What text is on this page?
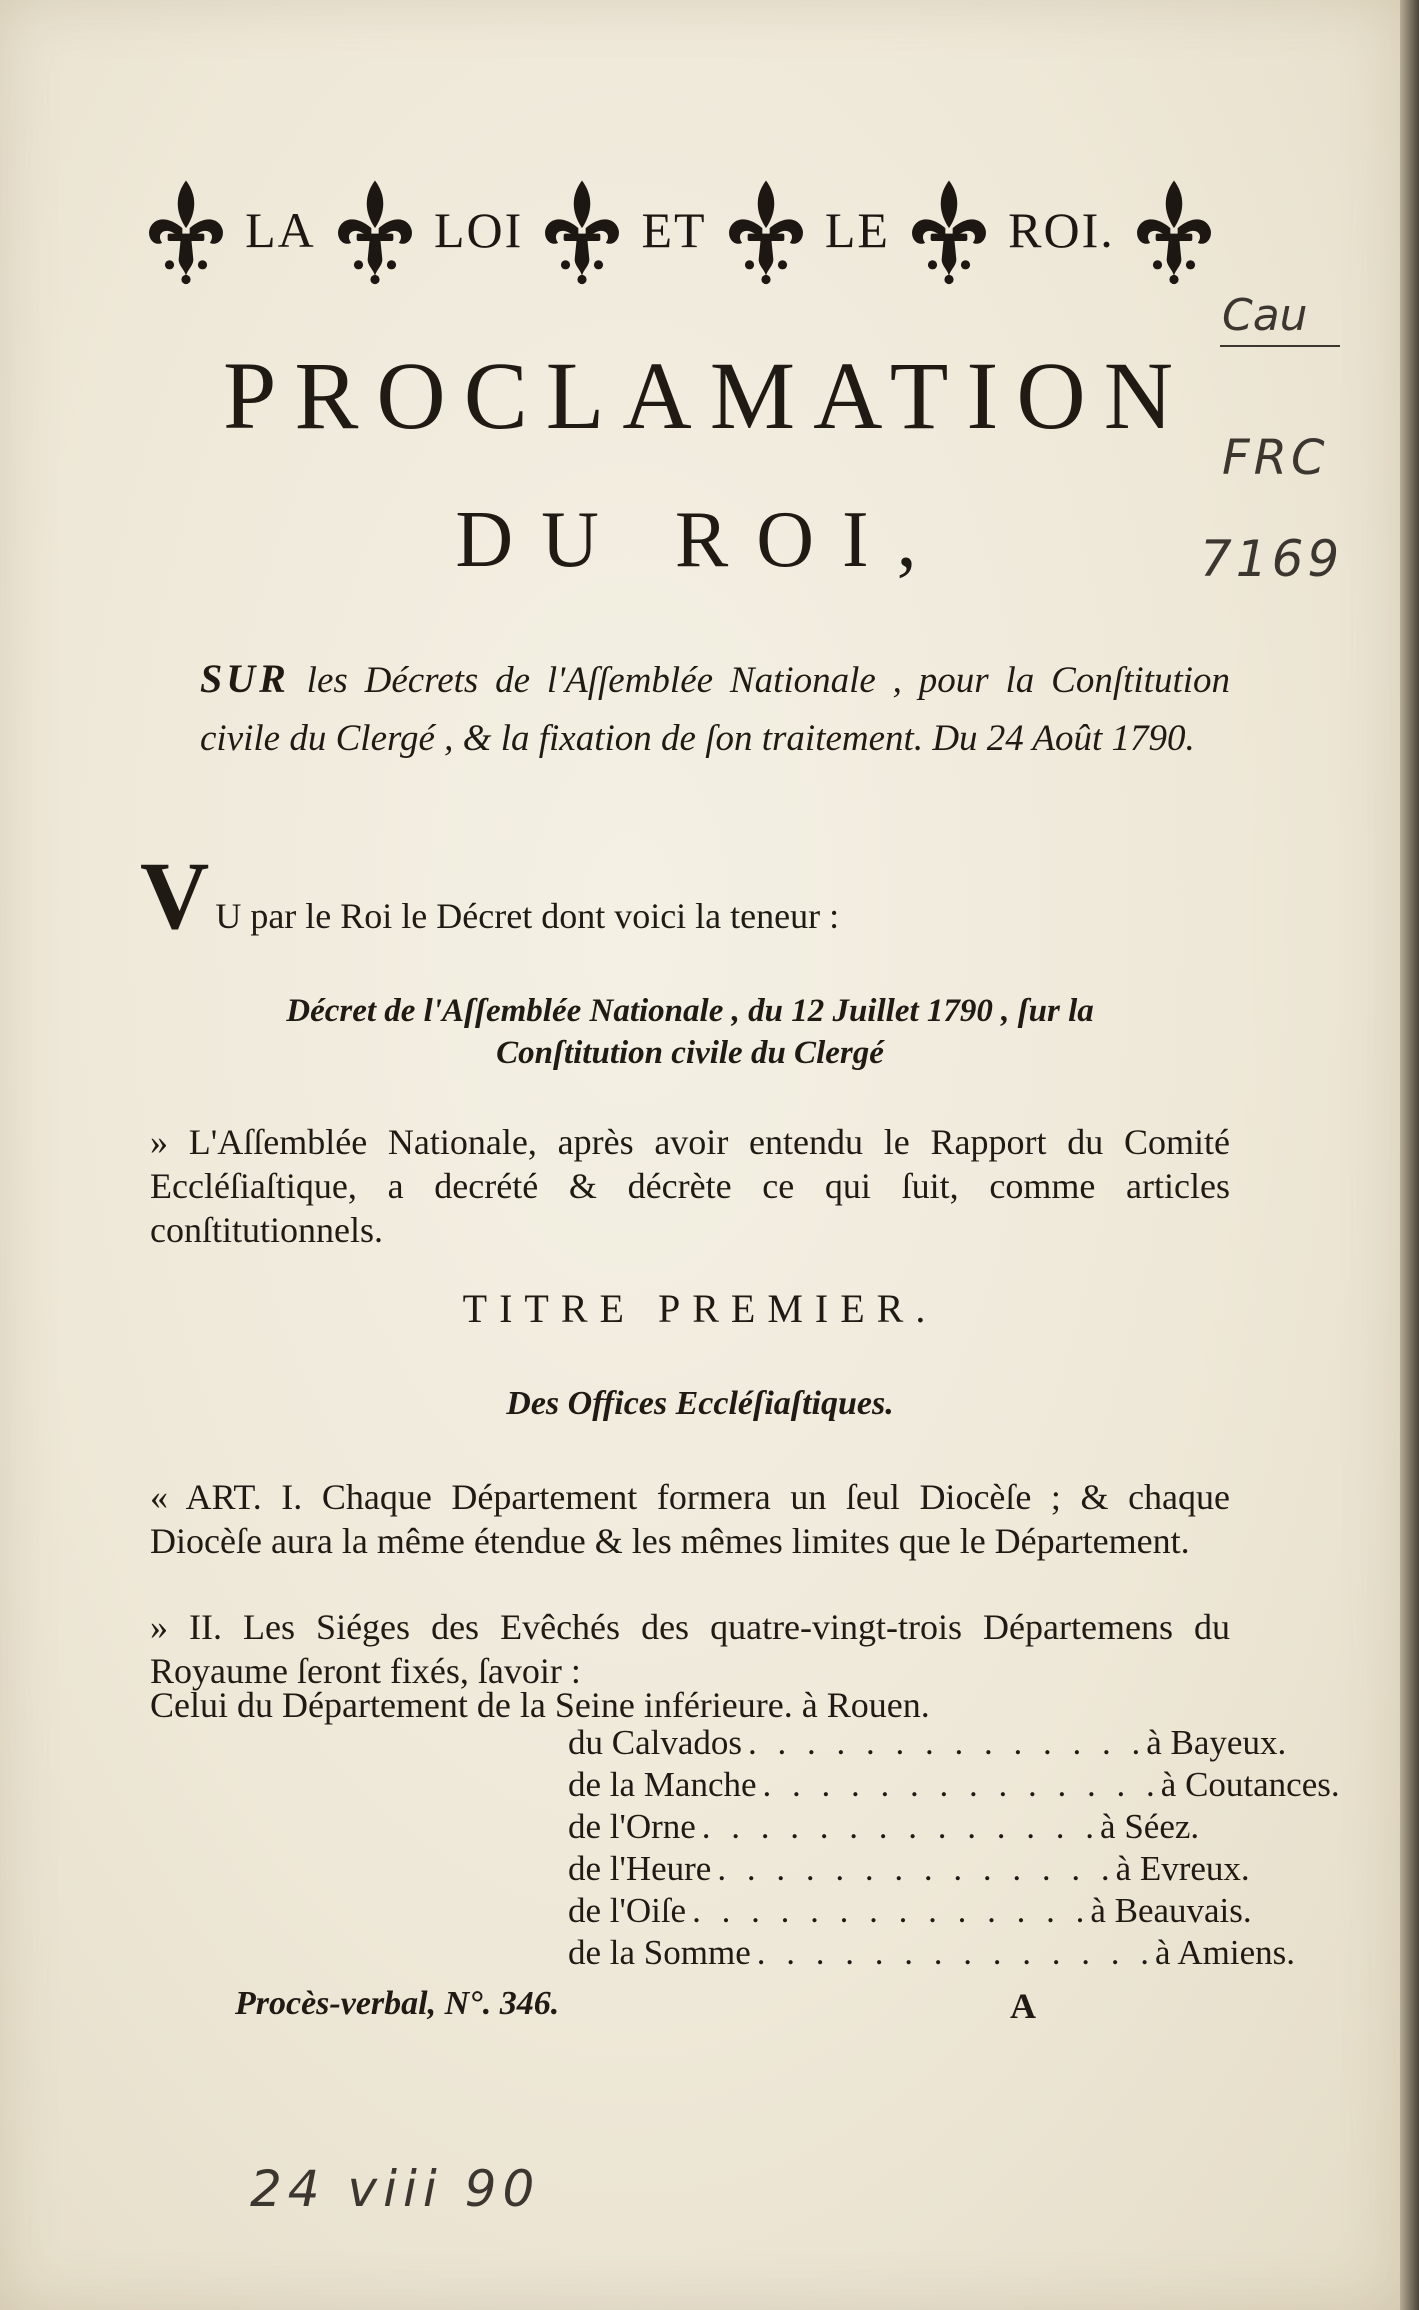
LA LOI ET LE ROI.
PROCLAMATION
DU ROI,
SUR les Décrets de l'Aſſemblée Nationale , pour la Conſtitution civile du Clergé , & la fixation de ſon traitement. Du 24 Août 1790.
V U par le Roi le Décret dont voici la teneur :
Décret de l'Aſſemblée Nationale , du 12 Juillet 1790 , ſur la
Conſtitution civile du Clergé
» L'Aſſemblée Nationale, après avoir entendu le Rapport du Comité Eccléſiaſtique, a decrété & décrète ce qui ſuit, comme articles conſtitutionnels.
TITRE PREMIER.
Des Offices Eccléſiaſtiques.
« ART. I. Chaque Département formera un ſeul Diocèſe ; & chaque Diocèſe aura la même étendue & les mêmes limites que le Département.
» II. Les Siéges des Evêchés des quatre-vingt-trois Départemens du Royaume ſeront fixés, ſavoir :
Celui du Département de la Seine inférieure. à Rouen.
du Calvados . . . . . . . . . . . . . . à Bayeux.
de la Manche . . . . . . . . . . . . . . à Coutances.
de l'Orne . . . . . . . . . . . . . . à Séez.
de l'Heure . . . . . . . . . . . . . . à Evreux.
de l'Oiſe . . . . . . . . . . . . . . à Beauvais.
de la Somme . . . . . . . . . . . . . . à Amiens.
Procès-verbal, N°. 346.	A
Cau
FRC
7169
24 viii 90
